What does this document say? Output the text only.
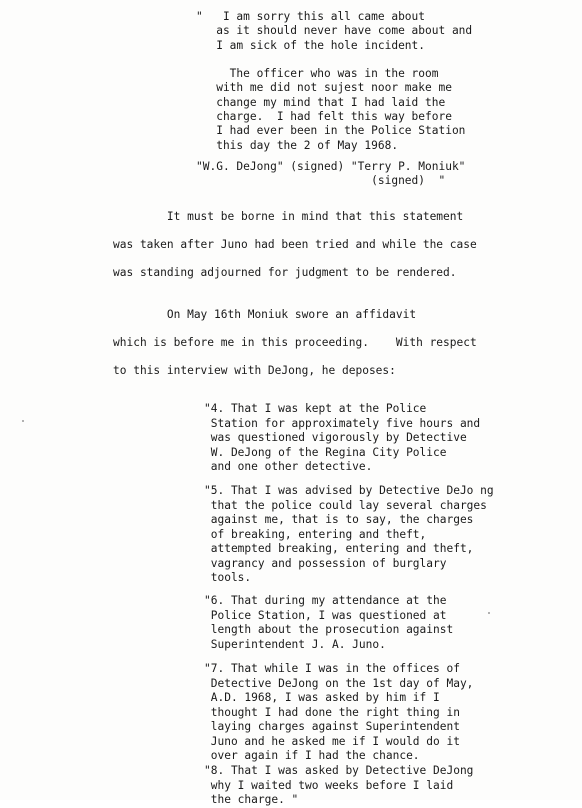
"   I am sorry this all came about
as it should never have come about and
I am sick of the hole incident.
The officer who was in the room
with me did not sujest noor make me
change my mind that I had laid the
charge.  I had felt this way before
I had ever been in the Police Station
this day the 2 of May 1968.
"W.G. DeJong" (signed) "Terry P. Moniuk"
(signed)  "
It must be borne in mind that this statement
was taken after Juno had been tried and while the case
was standing adjourned for judgment to be rendered.
On May 16th Moniuk swore an affidavit
which is before me in this proceeding.    With respect
to this interview with DeJong, he deposes:
"4. That I was kept at the Police
Station for approximately five hours and
was questioned vigorously by Detective
W. DeJong of the Regina City Police
and one other detective.
"5. That I was advised by Detective DeJo ng
that the police could lay several charges
against me, that is to say, the charges
of breaking, entering and theft,
attempted breaking, entering and theft,
vagrancy and possession of burglary
tools.
"6. That during my attendance at the
Police Station, I was questioned at
length about the prosecution against
Superintendent J. A. Juno.
"7. That while I was in the offices of
Detective DeJong on the 1st day of May,
A.D. 1968, I was asked by him if I
thought I had done the right thing in
laying charges against Superintendent
Juno and he asked me if I would do it
over again if I had the chance.
"8. That I was asked by Detective DeJong
why I waited two weeks before I laid
the charge. "
